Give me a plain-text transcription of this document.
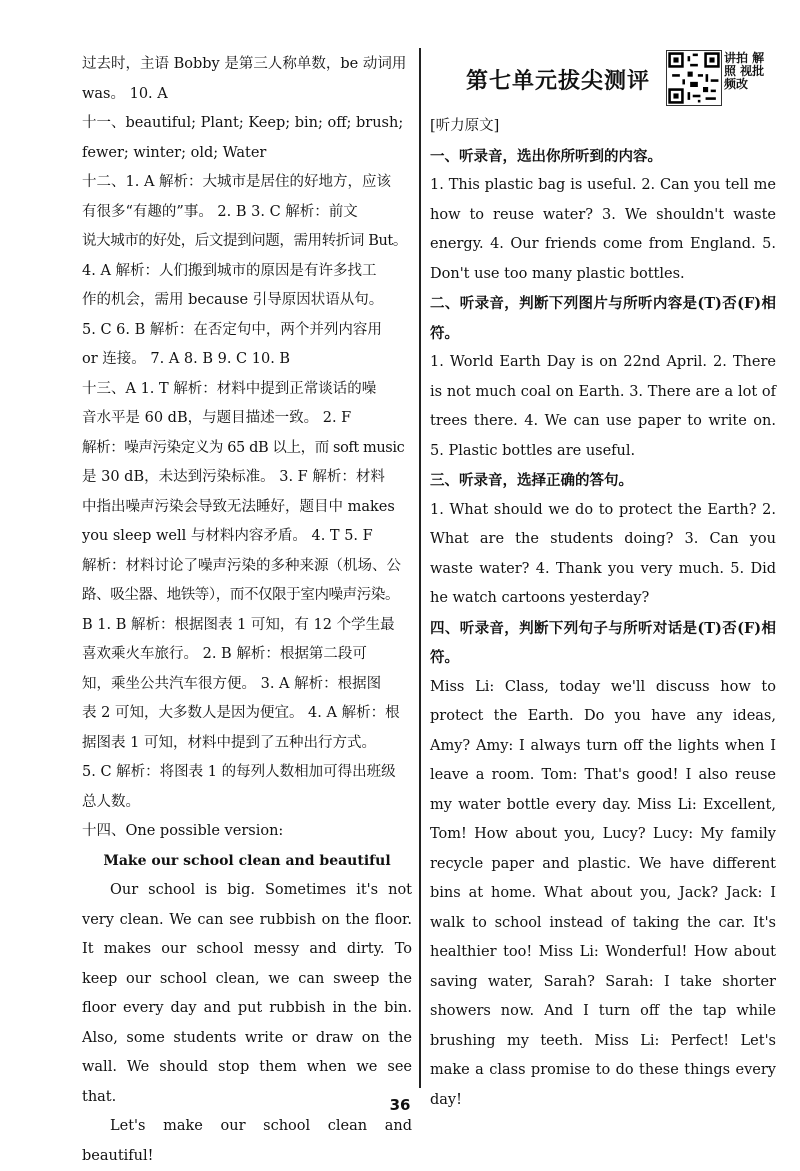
过去时，主语 Bobby 是第三人称单数，be 动词用

was。 10. A

十一、beautiful; Plant; Keep; bin; off; brush;

fewer; winter; old; Water

十二、1. A 解析：大城市是居住的好地方，应该

有很多“有趣的”事。 2. B 3. C 解析：前文

说大城市的好处，后文提到问题，需用转折词 But。

4. A 解析：人们搬到城市的原因是有许多找工

作的机会，需用 because 引导原因状语从句。

5. C 6. B 解析：在否定句中，两个并列内容用

or 连接。 7. A 8. B 9. C 10. B

十三、A 1. T 解析：材料中提到正常谈话的噪

音水平是 60 dB，与题目描述一致。 2. F

解析：噪声污染定义为 65 dB 以上，而 soft music

是 30 dB，未达到污染标准。 3. F 解析：材料

中指出噪声污染会导致无法睡好，题目中 makes

you sleep well 与材料内容矛盾。 4. T 5. F

解析：材料讨论了噪声污染的多种来源（机场、公

路、吸尘器、地铁等），而不仅限于室内噪声污染。

B 1. B 解析：根据图表 1 可知，有 12 个学生最

喜欢乘火车旅行。 2. B 解析：根据第二段可

知，乘坐公共汽车很方便。 3. A 解析：根据图

表 2 可知，大多数人是因为便宜。 4. A 解析：根

据图表 1 可知，材料中提到了五种出行方式。

5. C 解析：将图表 1 的每列人数相加可得出班级

总人数。

十四、One possible version:

Make our school clean and beautiful

Our school is big. Sometimes it's not very clean. We can see rubbish on the floor. It makes our school messy and dirty. To keep our school clean, we can sweep the floor every day and put rubbish in the bin. Also, some students write or draw on the wall. We should stop them when we see that.

Let's make our school clean and beautiful!

讲拍 解照 视批 频改
第七单元拔尖测评

[听力原文]

一、听录音，选出你所听到的内容。

1. This plastic bag is useful. 2. Can you tell me how to reuse water? 3. We shouldn't waste energy. 4. Our friends come from England. 5. Don't use too many plastic bottles.

二、听录音，判断下列图片与所听内容是(T)否(F)相符。

1. World Earth Day is on 22nd April. 2. There is not much coal on Earth. 3. There are a lot of trees there. 4. We can use paper to write on. 5. Plastic bottles are useful.

三、听录音，选择正确的答句。

1. What should we do to protect the Earth? 2. What are the students doing? 3. Can you waste water? 4. Thank you very much. 5. Did he watch cartoons yesterday?

四、听录音，判断下列句子与所听对话是(T)否(F)相符。

Miss Li: Class, today we'll discuss how to protect the Earth. Do you have any ideas, Amy? Amy: I always turn off the lights when I leave a room. Tom: That's good! I also reuse my water bottle every day. Miss Li: Excellent, Tom! How about you, Lucy? Lucy: My family recycle paper and plastic. We have different bins at home. What about you, Jack? Jack: I walk to school instead of taking the car. It's healthier too! Miss Li: Wonderful! How about saving water, Sarah? Sarah: I take shorter showers now. And I turn off the tap while brushing my teeth. Miss Li: Perfect! Let's make a class promise to do these things every day!

36
